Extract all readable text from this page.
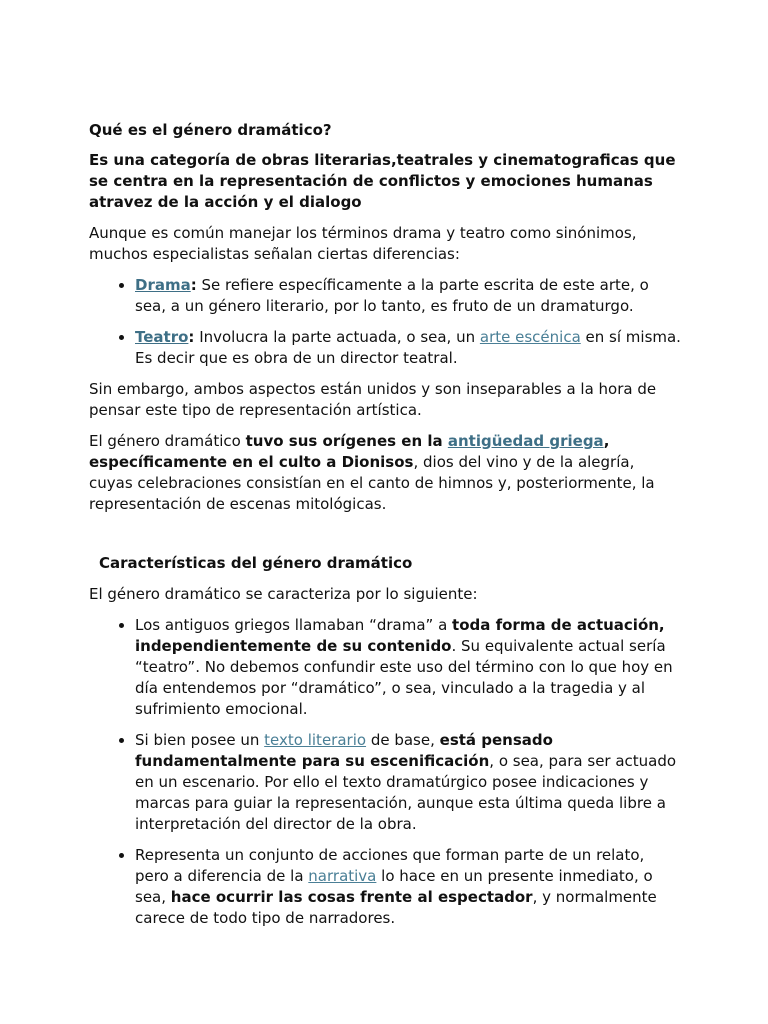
Qué es el género dramático?

Es una categoría de obras literarias,teatrales y cinematograficas que se centra en la representación de conflictos y emociones humanas atravez de la acción y el dialogo

Aunque es común manejar los términos drama y teatro como sinónimos, muchos especialistas señalan ciertas diferencias:

• Drama: Se refiere específicamente a la parte escrita de este arte, o sea, a un género literario, por lo tanto, es fruto de un dramaturgo.
• Teatro: Involucra la parte actuada, o sea, un arte escénica en sí misma. Es decir que es obra de un director teatral.

Sin embargo, ambos aspectos están unidos y son inseparables a la hora de pensar este tipo de representación artística.

El género dramático tuvo sus orígenes en la antigüedad griega, específicamente en el culto a Dionisos, dios del vino y de la alegría, cuyas celebraciones consistían en el canto de himnos y, posteriormente, la representación de escenas mitológicas.

Características del género dramático

El género dramático se caracteriza por lo siguiente:

• Los antiguos griegos llamaban “drama” a toda forma de actuación, independientemente de su contenido. Su equivalente actual sería “teatro”. No debemos confundir este uso del término con lo que hoy en día entendemos por “dramático”, o sea, vinculado a la tragedia y al sufrimiento emocional.
• Si bien posee un texto literario de base, está pensado fundamentalmente para su escenificación, o sea, para ser actuado en un escenario. Por ello el texto dramatúrgico posee indicaciones y marcas para guiar la representación, aunque esta última queda libre a interpretación del director de la obra.
• Representa un conjunto de acciones que forman parte de un relato, pero a diferencia de la narrativa lo hace en un presente inmediato, o sea, hace ocurrir las cosas frente al espectador, y normalmente carece de todo tipo de narradores.
